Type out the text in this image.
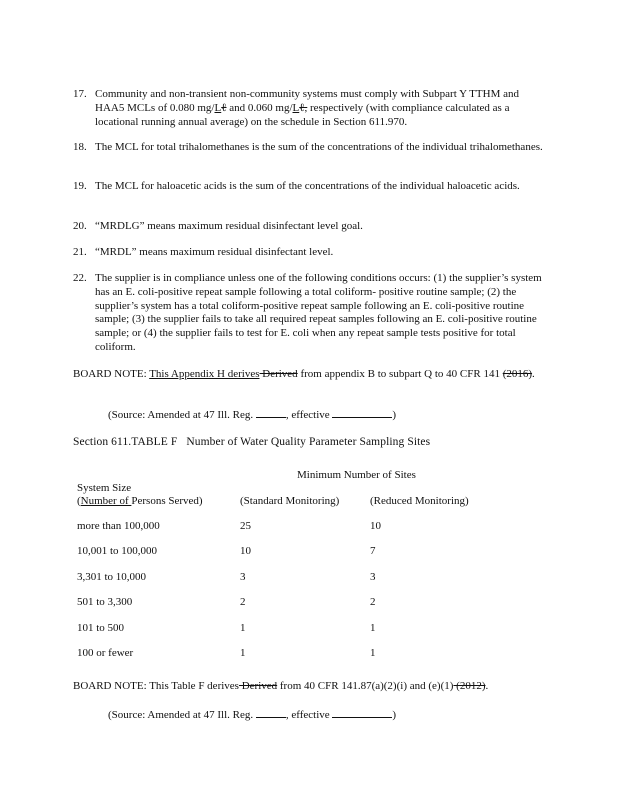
17. Community and non-transient non-community systems must comply with Subpart Y TTHM and HAA5 MCLs of 0.080 mg/Lℓ and 0.060 mg/Lℓ, respectively (with compliance calculated as a locational running annual average) on the schedule in Section 611.970.
18. The MCL for total trihalomethanes is the sum of the concentrations of the individual trihalomethanes.
19. The MCL for haloacetic acids is the sum of the concentrations of the individual haloacetic acids.
20. “MRDLG” means maximum residual disinfectant level goal.
21. “MRDL” means maximum residual disinfectant level.
22. The supplier is in compliance unless one of the following conditions occurs: (1) the supplier’s system has an E. coli-positive repeat sample following a total coliform- positive routine sample; (2) the supplier’s system has a total coliform-positive repeat sample following an E. coli-positive routine sample; (3) the supplier fails to take all required repeat samples following an E. coli-positive routine sample; or (4) the supplier fails to test for E. coli when any repeat sample tests positive for total coliform.
BOARD NOTE: This Appendix H derives Derived from appendix B to subpart Q to 40 CFR 141 (2016).
(Source: Amended at 47 Ill. Reg.	, effective	)
Section 611.TABLE F Number of Water Quality Parameter Sampling Sites
Minimum Number of Sites
System Size
(Number of Persons Served)	(Standard Monitoring)	(Reduced Monitoring)
more than 100,000	25	10
10,001 to 100,000	10	7
3,301 to 10,000	3	3
501 to 3,300	2	2
101 to 500	1	1
100 or fewer	1	1
BOARD NOTE: This Table F derives Derived from 40 CFR 141.87(a)(2)(i) and (e)(1) (2012).
(Source: Amended at 47 Ill. Reg.	, effective	)
